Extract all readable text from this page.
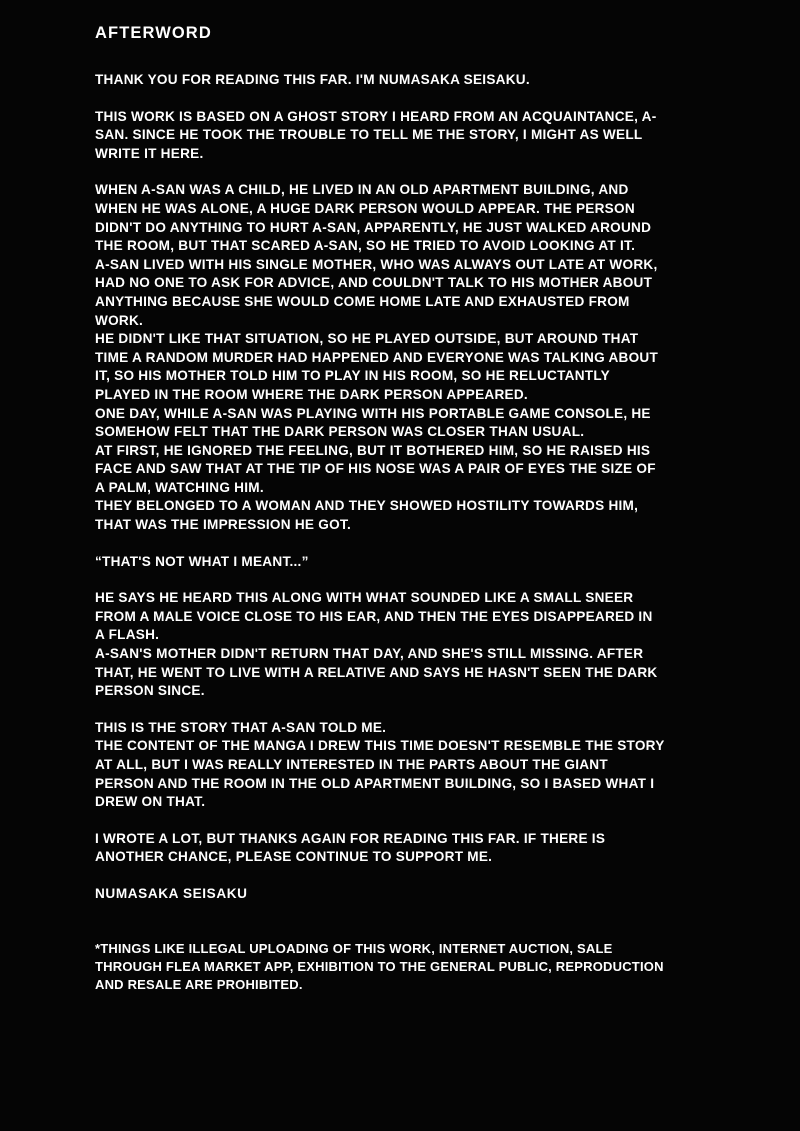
AFTERWORD

THANK YOU FOR READING THIS FAR. I'M NUMASAKA SEISAKU.

THIS WORK IS BASED ON A GHOST STORY I HEARD FROM AN ACQUAINTANCE, A-SAN. SINCE HE TOOK THE TROUBLE TO TELL ME THE STORY, I MIGHT AS WELL WRITE IT HERE.

WHEN A-SAN WAS A CHILD, HE LIVED IN AN OLD APARTMENT BUILDING, AND WHEN HE WAS ALONE, A HUGE DARK PERSON WOULD APPEAR. THE PERSON DIDN'T DO ANYTHING TO HURT A-SAN, APPARENTLY, HE JUST WALKED AROUND THE ROOM, BUT THAT SCARED A-SAN, SO HE TRIED TO AVOID LOOKING AT IT.

A-SAN LIVED WITH HIS SINGLE MOTHER, WHO WAS ALWAYS OUT LATE AT WORK, HAD NO ONE TO ASK FOR ADVICE, AND COULDN'T TALK TO HIS MOTHER ABOUT ANYTHING BECAUSE SHE WOULD COME HOME LATE AND EXHAUSTED FROM WORK.

HE DIDN'T LIKE THAT SITUATION, SO HE PLAYED OUTSIDE, BUT AROUND THAT TIME A RANDOM MURDER HAD HAPPENED AND EVERYONE WAS TALKING ABOUT IT, SO HIS MOTHER TOLD HIM TO PLAY IN HIS ROOM, SO HE RELUCTANTLY PLAYED IN THE ROOM WHERE THE DARK PERSON APPEARED.

ONE DAY, WHILE A-SAN WAS PLAYING WITH HIS PORTABLE GAME CONSOLE, HE SOMEHOW FELT THAT THE DARK PERSON WAS CLOSER THAN USUAL.

AT FIRST, HE IGNORED THE FEELING, BUT IT BOTHERED HIM, SO HE RAISED HIS FACE AND SAW THAT AT THE TIP OF HIS NOSE WAS A PAIR OF EYES THE SIZE OF A PALM, WATCHING HIM.

THEY BELONGED TO A WOMAN AND THEY SHOWED HOSTILITY TOWARDS HIM, THAT WAS THE IMPRESSION HE GOT.

“THAT'S NOT WHAT I MEANT...”

HE SAYS HE HEARD THIS ALONG WITH WHAT SOUNDED LIKE A SMALL SNEER FROM A MALE VOICE CLOSE TO HIS EAR, AND THEN THE EYES DISAPPEARED IN A FLASH.

A-SAN'S MOTHER DIDN'T RETURN THAT DAY, AND SHE'S STILL MISSING. AFTER THAT, HE WENT TO LIVE WITH A RELATIVE AND SAYS HE HASN'T SEEN THE DARK PERSON SINCE.

THIS IS THE STORY THAT A-SAN TOLD ME.

THE CONTENT OF THE MANGA I DREW THIS TIME DOESN'T RESEMBLE THE STORY AT ALL, BUT I WAS REALLY INTERESTED IN THE PARTS ABOUT THE GIANT PERSON AND THE ROOM IN THE OLD APARTMENT BUILDING, SO I BASED WHAT I DREW ON THAT.

I WROTE A LOT, BUT THANKS AGAIN FOR READING THIS FAR. IF THERE IS ANOTHER CHANCE, PLEASE CONTINUE TO SUPPORT ME.

NUMASAKA SEISAKU

*THINGS LIKE ILLEGAL UPLOADING OF THIS WORK, INTERNET AUCTION, SALE THROUGH FLEA MARKET APP, EXHIBITION TO THE GENERAL PUBLIC, REPRODUCTION AND RESALE ARE PROHIBITED.
